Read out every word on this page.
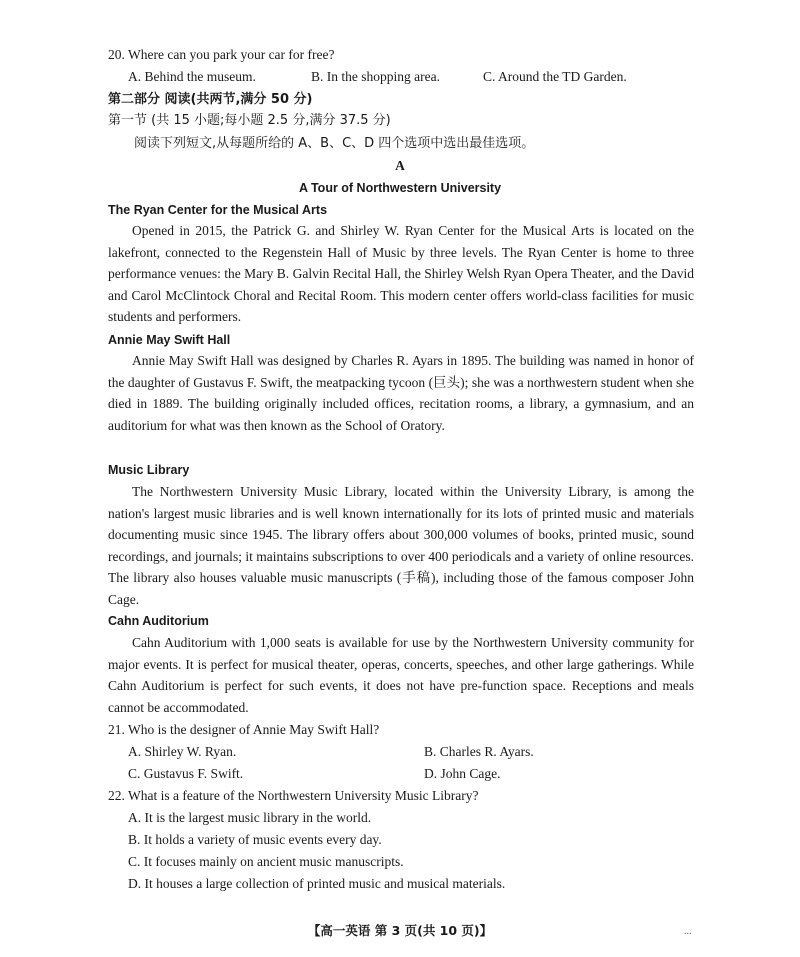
20. Where can you park your car for free?
A. Behind the museum.	B. In the shopping area.	C. Around the TD Garden.
第二部分 阅读(共两节,满分 50 分)
第一节 (共 15 小题;每小题 2.5 分,满分 37.5 分)
阅读下列短文,从每题所给的 A、B、C、D 四个选项中选出最佳选项。
A
A Tour of Northwestern University
The Ryan Center for the Musical Arts
Opened in 2015, the Patrick G. and Shirley W. Ryan Center for the Musical Arts is located on the lakefront, connected to the Regenstein Hall of Music by three levels. The Ryan Center is home to three performance venues: the Mary B. Galvin Recital Hall, the Shirley Welsh Ryan Opera Theater, and the David and Carol McClintock Choral and Recital Room. This modern center offers world-class facilities for music students and performers.
Annie May Swift Hall
Annie May Swift Hall was designed by Charles R. Ayars in 1895. The building was named in honor of the daughter of Gustavus F. Swift, the meatpacking tycoon (巨头); she was a northwestern student when she died in 1889. The building originally included offices, recitation rooms, a library, a gymnasium, and an auditorium for what was then known as the School of Oratory.
Music Library
The Northwestern University Music Library, located within the University Library, is among the nation's largest music libraries and is well known internationally for its lots of printed music and materials documenting music since 1945. The library offers about 300,000 volumes of books, printed music, sound recordings, and journals; it maintains subscriptions to over 400 periodicals and a variety of online resources. The library also houses valuable music manuscripts (手稿), including those of the famous composer John Cage.
Cahn Auditorium
Cahn Auditorium with 1,000 seats is available for use by the Northwestern University community for major events. It is perfect for musical theater, operas, concerts, speeches, and other large gatherings. While Cahn Auditorium is perfect for such events, it does not have pre-function space. Receptions and meals cannot be accommodated.
21. Who is the designer of Annie May Swift Hall?
A. Shirley W. Ryan.	B. Charles R. Ayars.
C. Gustavus F. Swift.	D. John Cage.
22. What is a feature of the Northwestern University Music Library?
A. It is the largest music library in the world.
B. It holds a variety of music events every day.
C. It focuses mainly on ancient music manuscripts.
D. It houses a large collection of printed music and musical materials.
【高一英语 第 3 页(共 10 页)】	...
